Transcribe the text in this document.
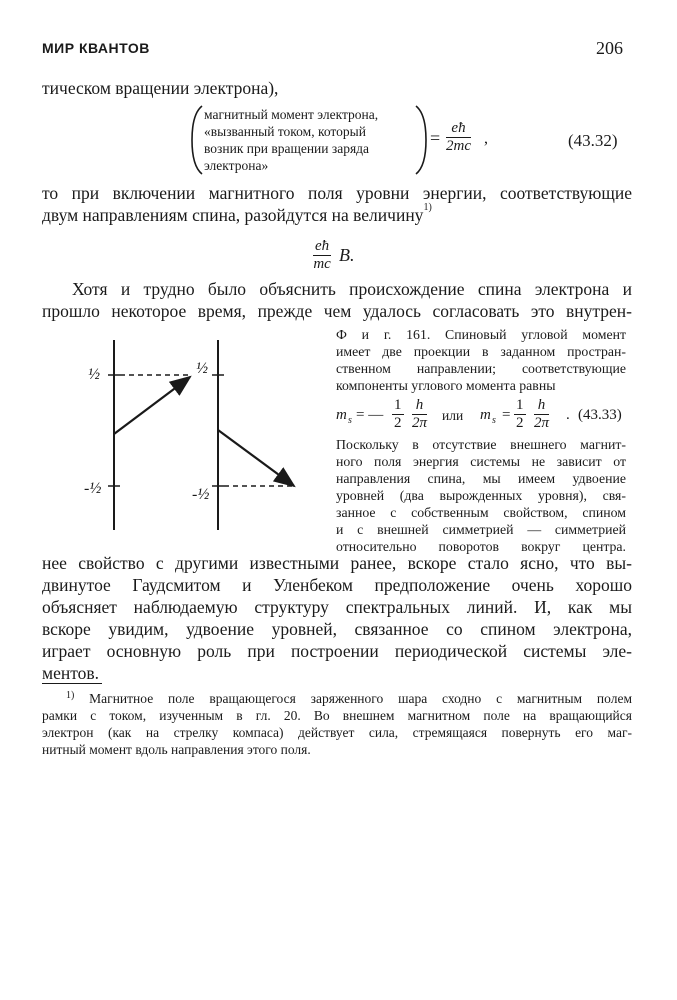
МИР КВАНТОВ	206
тическом вращении электрона),
магнитный момент электрона,
«вызванный током, который
возник при вращении заряда
электрона»
= $\frac{eħ}{2mc}$ ,	(43.32)
то при включении магнитного поля уровни энергии, соответствующие
двум направлениям спина, разойдутся на величину$^{1)}$
$\frac{eħ}{mc} B$.
Хотя и трудно было объяснить происхождение спина электрона и
прошло некоторое время, прежде чем удалось согласовать это внутрен-
½	½
-½	-½
Ф и г. 161. Спиновый угловой момент
имеет две проекции в заданном простран-
ственном направлении; соответствующие
компоненты углового момента равны
m s = — $\frac{1}{2} \frac{h}{2\pi}$ или m $s = \frac{1}{2} \frac{h}{2\pi}$ . (43.33)
Поскольку в отсутствие внешнего магнит-
ного поля энергия системы не зависит от
направления спина, мы имеем удвоение
уровней (два вырожденных уровня), свя-
занное с собственным свойством, спином
и с внешней симметрией — симметрией
относительно поворотов вокруг центра.
нее свойство с другими известными ранее, вскоре стало ясно, что вы-
двинутое Гаудсмитом и Уленбеком предположение очень хорошо
объясняет наблюдаемую структуру спектральных линий. И, как мы
вскоре увидим, удвоение уровней, связанное со спином электрона,
играет основную роль при построении периодической системы эле-
ментов.
$^{1)}$ Магнитное поле вращающегося заряженного шара сходно с магнитным полем
рамки с током, изученным в гл. 20. Во внешнем магнитном поле на вращающийся
электрон (как на стрелку компаса) действует сила, стремящаяся повернуть его маг-
нитный момент вдоль направления этого поля.
